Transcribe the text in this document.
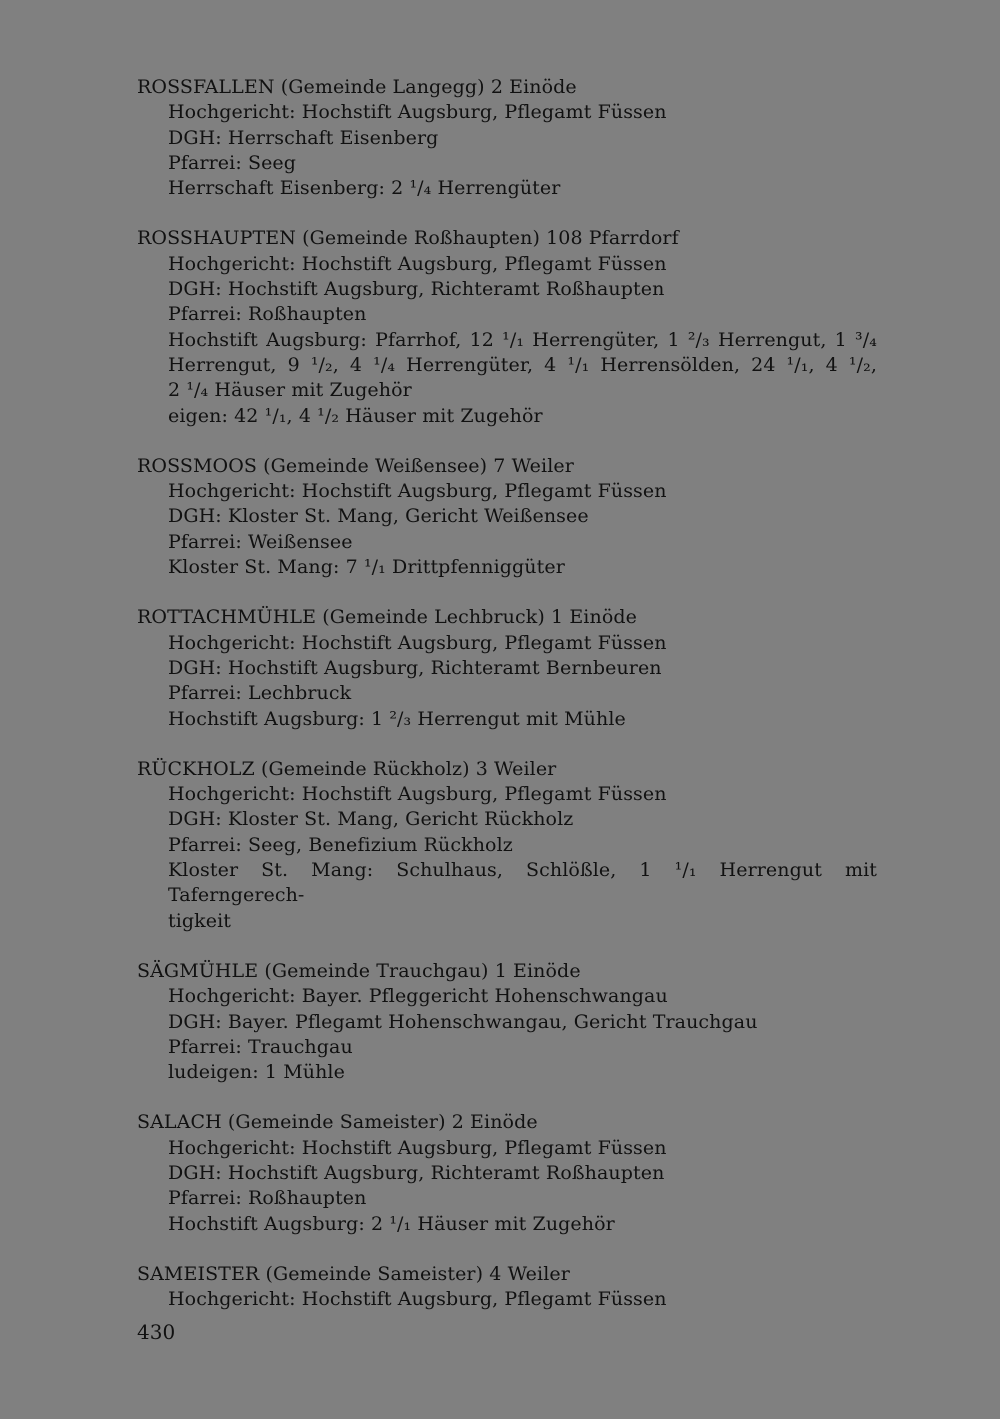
ROSSFALLEN (Gemeinde Langegg) 2 Einöde
Hochgericht: Hochstift Augsburg, Pflegamt Füssen
DGH: Herrschaft Eisenberg
Pfarrei: Seeg
Herrschaft Eisenberg: 2 ¹/₄ Herrengüter
ROSSHAUPTEN (Gemeinde Roßhaupten) 108 Pfarrdorf
Hochgericht: Hochstift Augsburg, Pflegamt Füssen
DGH: Hochstift Augsburg, Richteramt Roßhaupten
Pfarrei: Roßhaupten
Hochstift Augsburg: Pfarrhof, 12 ¹/₁ Herrengüter, 1 ²/₃ Herrengut, 1 ³/₄
Herrengut, 9 ¹/₂, 4 ¹/₄ Herrengüter, 4 ¹/₁ Herrensölden, 24 ¹/₁, 4 ¹/₂,
2 ¹/₄ Häuser mit Zugehör
eigen: 42 ¹/₁, 4 ¹/₂ Häuser mit Zugehör
ROSSMOOS (Gemeinde Weißensee) 7 Weiler
Hochgericht: Hochstift Augsburg, Pflegamt Füssen
DGH: Kloster St. Mang, Gericht Weißensee
Pfarrei: Weißensee
Kloster St. Mang: 7 ¹/₁ Drittpfenniggüter
ROTTACHMÜHLE (Gemeinde Lechbruck) 1 Einöde
Hochgericht: Hochstift Augsburg, Pflegamt Füssen
DGH: Hochstift Augsburg, Richteramt Bernbeuren
Pfarrei: Lechbruck
Hochstift Augsburg: 1 ²/₃ Herrengut mit Mühle
RÜCKHOLZ (Gemeinde Rückholz) 3 Weiler
Hochgericht: Hochstift Augsburg, Pflegamt Füssen
DGH: Kloster St. Mang, Gericht Rückholz
Pfarrei: Seeg, Benefizium Rückholz
Kloster St. Mang: Schulhaus, Schlößle, 1 ¹/₁ Herrengut mit Taferngerech-
tigkeit
SÄGMÜHLE (Gemeinde Trauchgau) 1 Einöde
Hochgericht: Bayer. Pfleggericht Hohenschwangau
DGH: Bayer. Pflegamt Hohenschwangau, Gericht Trauchgau
Pfarrei: Trauchgau
ludeigen: 1 Mühle
SALACH (Gemeinde Sameister) 2 Einöde
Hochgericht: Hochstift Augsburg, Pflegamt Füssen
DGH: Hochstift Augsburg, Richteramt Roßhaupten
Pfarrei: Roßhaupten
Hochstift Augsburg: 2 ¹/₁ Häuser mit Zugehör
SAMEISTER (Gemeinde Sameister) 4 Weiler
Hochgericht: Hochstift Augsburg, Pflegamt Füssen
430
